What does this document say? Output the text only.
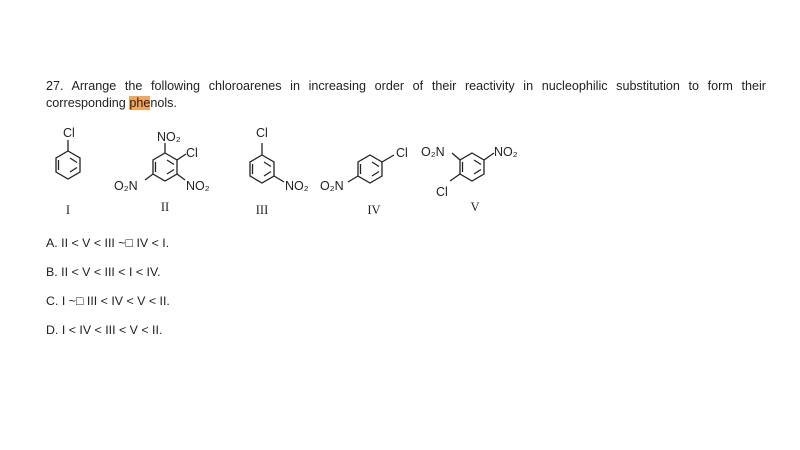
27. Arrange the following chloroarenes in increasing order of their reactivity in nucleophilic substitution to form their corresponding phenols.
Cl	NO₂
Cl
O₂N	NO₂
Cl
NO₂ O₂N
Cl O₂N	NO₂
Cl
I	II	III	IV	V
A. II < V < III ~□ IV < I.
B. II < V < III < I < IV.
C. I ~□ III < IV < V < II.
D. I < IV < III < V < II.
